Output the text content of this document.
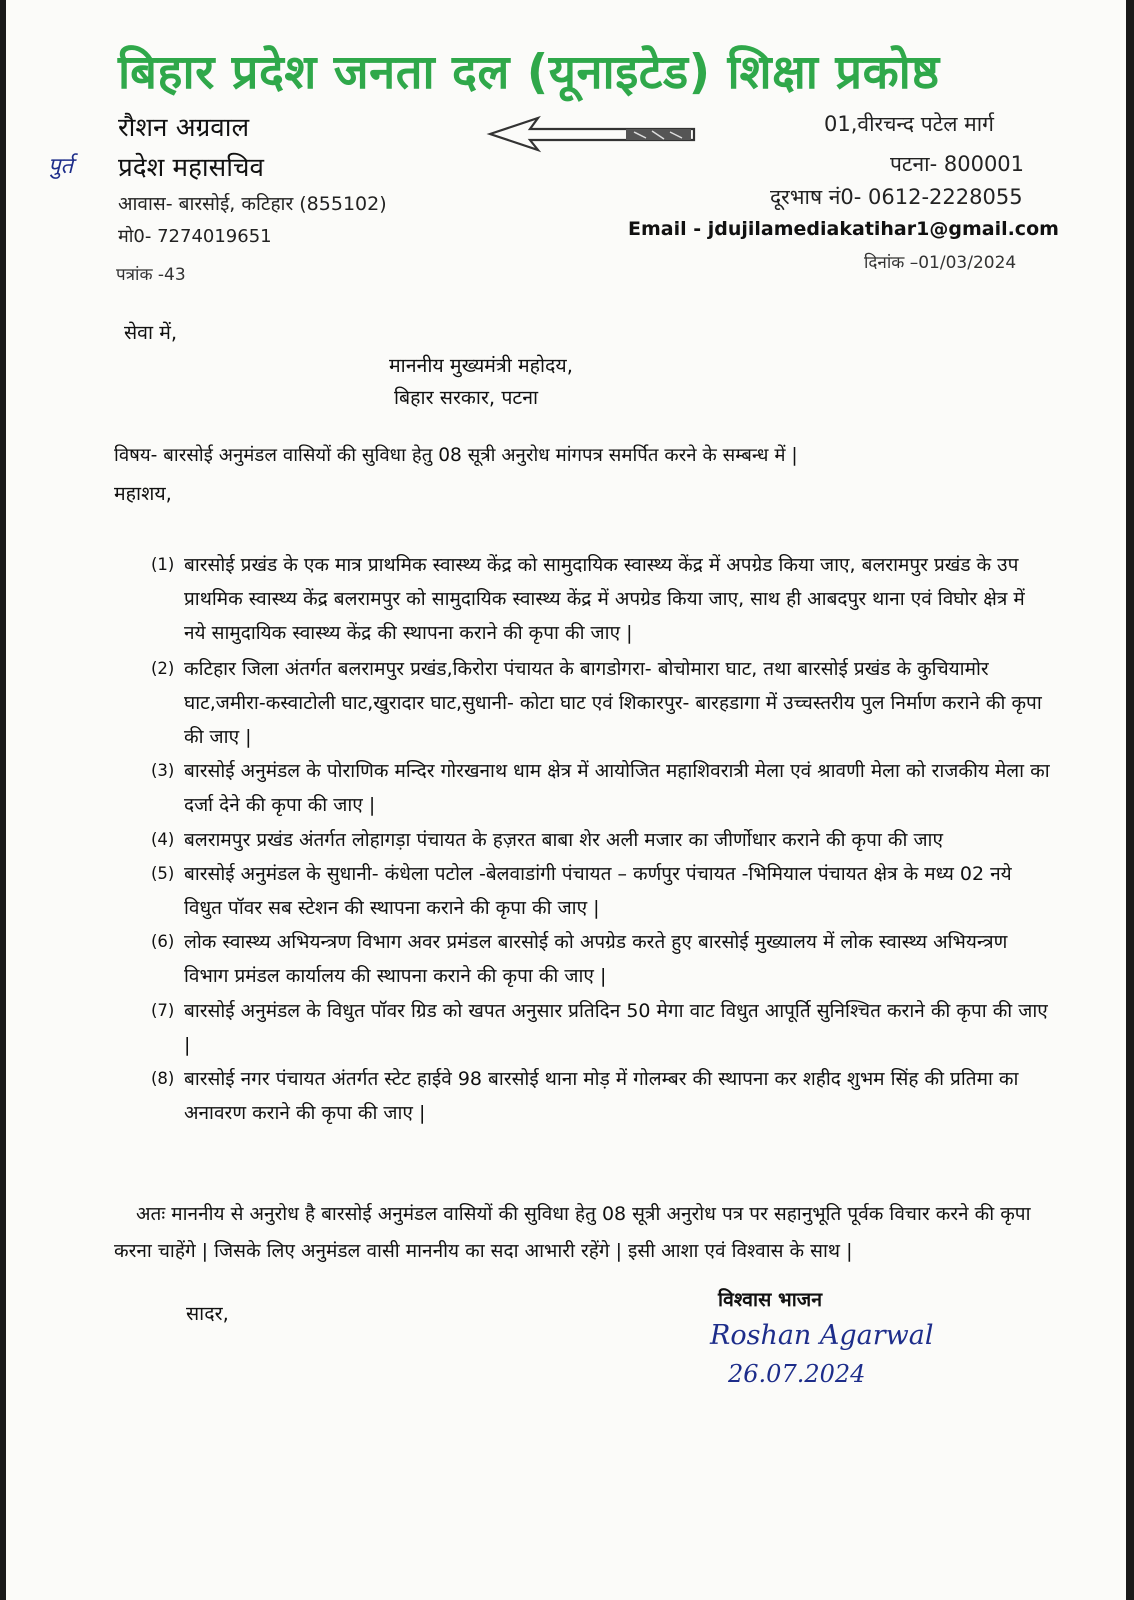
बिहार प्रदेश जनता दल (यूनाइटेड) शिक्षा प्रकोष्ठ
रौशन अग्रवाल
पुर्त प्रदेश महासचिव
आवास- बारसोई, कटिहार (855102)
मो0- 7274019651
पत्रांक -43
01,वीरचन्द पटेल मार्ग
पटना- 800001
दूरभाष नं0- 0612-2228055
Email - jdujilamediakatihar1@gmail.com
दिनांक –01/03/2024
सेवा में,
माननीय मुख्यमंत्री महोदय,
बिहार सरकार, पटना
विषय- बारसोई अनुमंडल वासियों की सुविधा हेतु 08 सूत्री अनुरोध मांगपत्र समर्पित करने के सम्बन्ध में |
महाशय,
(1) बारसोई प्रखंड के एक मात्र प्राथमिक स्वास्थ्य केंद्र को सामुदायिक स्वास्थ्य केंद्र में अपग्रेड किया जाए, बलरामपुर प्रखंड के उप प्राथमिक स्वास्थ्य केंद्र बलरामपुर को सामुदायिक स्वास्थ्य केंद्र में अपग्रेड किया जाए, साथ ही आबदपुर थाना एवं विघोर क्षेत्र में नये सामुदायिक स्वास्थ्य केंद्र की स्थापना कराने की कृपा की जाए |
(2) कटिहार जिला अंतर्गत बलरामपुर प्रखंड,किरोरा पंचायत के बागडोगरा- बोचोमारा घाट, तथा बारसोई प्रखंड के कुचियामोर घाट,जमीरा-कस्वाटोली घाट,खुरादार घाट,सुधानी- कोटा घाट एवं शिकारपुर- बारहडागा में उच्चस्तरीय पुल निर्माण कराने की कृपा की जाए |
(3) बारसोई अनुमंडल के पोराणिक मन्दिर गोरखनाथ धाम क्षेत्र में आयोजित महाशिवरात्री मेला एवं श्रावणी मेला को राजकीय मेला का दर्जा देने की कृपा की जाए |
(4) बलरामपुर प्रखंड अंतर्गत लोहागड़ा पंचायत के हज़रत बाबा शेर अली मजार का जीर्णोधार कराने की कृपा की जाए
(5) बारसोई अनुमंडल के सुधानी- कंधेला पटोल -बेलवाडांगी पंचायत – कर्णपुर पंचायत -भिमियाल पंचायत क्षेत्र के मध्य 02 नये विधुत पॉवर सब स्टेशन की स्थापना कराने की कृपा की जाए |
(6) लोक स्वास्थ्य अभियन्त्रण विभाग अवर प्रमंडल बारसोई को अपग्रेड करते हुए बारसोई मुख्यालय में लोक स्वास्थ्य अभियन्त्रण विभाग प्रमंडल कार्यालय की स्थापना कराने की कृपा की जाए |
(7) बारसोई अनुमंडल के विधुत पॉवर ग्रिड को खपत अनुसार प्रतिदिन 50 मेगा वाट विधुत आपूर्ति सुनिश्चित कराने की कृपा की जाए |
(8) बारसोई नगर पंचायत अंतर्गत स्टेट हाईवे 98 बारसोई थाना मोड़ में गोलम्बर की स्थापना कर शहीद शुभम सिंह की प्रतिमा का अनावरण कराने की कृपा की जाए |
अतः माननीय से अनुरोध है बारसोई अनुमंडल वासियों की सुविधा हेतु 08 सूत्री अनुरोध पत्र पर सहानुभूति पूर्वक विचार करने की कृपा करना चाहेंगे | जिसके लिए अनुमंडल वासी माननीय का सदा आभारी रहेंगे | इसी आशा एवं विश्वास के साथ |
सादर,
विश्वास भाजन
Roshan Agarwal
26.07.2024
